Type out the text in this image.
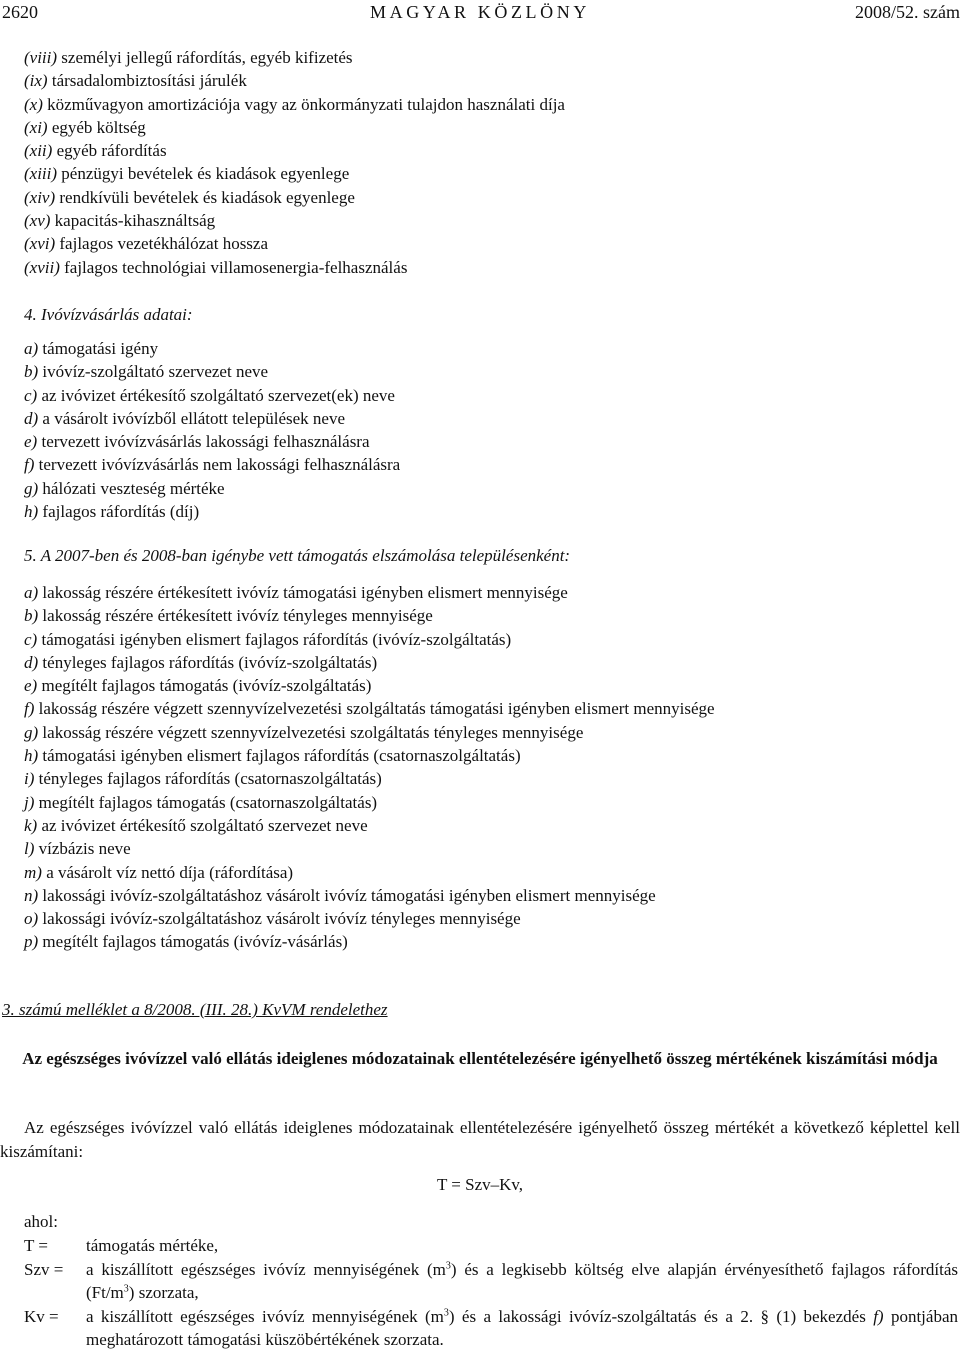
2620	MAGYAR KÖZLÖNY	2008/52. szám
(viii) személyi jellegű ráfordítás, egyéb kifizetés
(ix) társadalombiztosítási járulék
(x) közművagyon amortizációja vagy az önkormányzati tulajdon használati díja
(xi) egyéb költség
(xii) egyéb ráfordítás
(xiii) pénzügyi bevételek és kiadások egyenlege
(xiv) rendkívüli bevételek és kiadások egyenlege
(xv) kapacitás-kihasználtság
(xvi) fajlagos vezetékhálózat hossza
(xvii) fajlagos technológiai villamosenergia-felhasználás
4. Ivóvízvásárlás adatai:
a) támogatási igény
b) ivóvíz-szolgáltató szervezet neve
c) az ivóvizet értékesítő szolgáltató szervezet(ek) neve
d) a vásárolt ivóvízből ellátott települések neve
e) tervezett ivóvízvásárlás lakossági felhasználásra
f) tervezett ivóvízvásárlás nem lakossági felhasználásra
g) hálózati veszteség mértéke
h) fajlagos ráfordítás (díj)
5. A 2007-ben és 2008-ban igénybe vett támogatás elszámolása településenként:
a) lakosság részére értékesített ivóvíz támogatási igényben elismert mennyisége
b) lakosság részére értékesített ivóvíz tényleges mennyisége
c) támogatási igényben elismert fajlagos ráfordítás (ivóvíz-szolgáltatás)
d) tényleges fajlagos ráfordítás (ivóvíz-szolgáltatás)
e) megítélt fajlagos támogatás (ivóvíz-szolgáltatás)
f) lakosság részére végzett szennyvízelvezetési szolgáltatás támogatási igényben elismert mennyisége
g) lakosság részére végzett szennyvízelvezetési szolgáltatás tényleges mennyisége
h) támogatási igényben elismert fajlagos ráfordítás (csatornaszolgáltatás)
i) tényleges fajlagos ráfordítás (csatornaszolgáltatás)
j) megítélt fajlagos támogatás (csatornaszolgáltatás)
k) az ivóvizet értékesítő szolgáltató szervezet neve
l) vízbázis neve
m) a vásárolt víz nettó díja (ráfordítása)
n) lakossági ivóvíz-szolgáltatáshoz vásárolt ivóvíz támogatási igényben elismert mennyisége
o) lakossági ivóvíz-szolgáltatáshoz vásárolt ivóvíz tényleges mennyisége
p) megítélt fajlagos támogatás (ivóvíz-vásárlás)
3. számú melléklet a 8/2008. (III. 28.) KvVM rendelethez
Az egészséges ivóvízzel való ellátás ideiglenes módozatainak ellentételezésére igényelhető összeg mértékének kiszámítási módja

Az egészséges ivóvízzel való ellátás ideiglenes módozatainak ellentételezésére igényelhető összeg mértékét a következő képlettel kell kiszámítani:

T = Szv–Kv,
ahol:
T = támogatás mértéke,
Szv = a kiszállított egészséges ivóvíz mennyiségének $(m^3)$ és a legkisebb költség elve alapján érvényesíthető fajlagos ráfordítás $(Ft/m^3)$ szorzata,
Kv = a kiszállított egészséges ivóvíz mennyiségének $(m^3)$ és a lakossági ivóvíz-szolgáltatás és a 2. § (1) bekezdés f) pontjában meghatározott támogatási küszöbértékének szorzata.
